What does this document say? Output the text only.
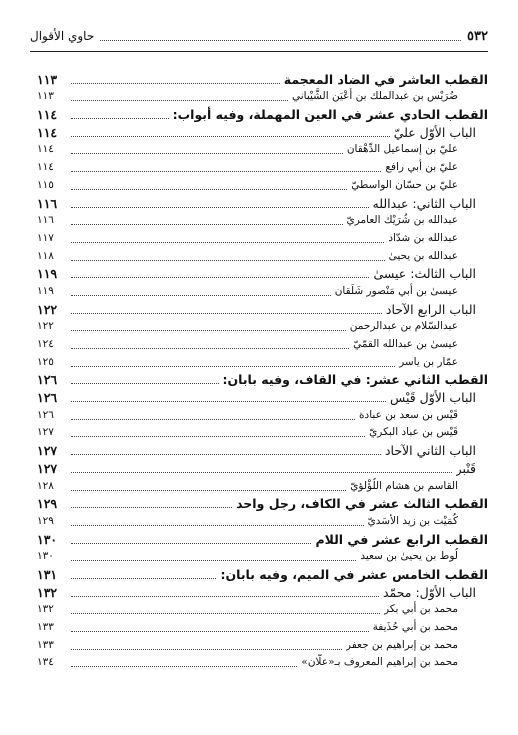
٥٣٢
حاوي الأقوال
القطب العاشر في الضاد المعجمة
١١٣
ضُرَيْس بن عبدالملك بن أَعْيَن الشَّيْباني
١١٣
القطب الحادي عشر في العين المهملة، وفيه أبواب:
١١٤
الباب الأوّل عليّ
١١٤
عليّ بن إسماعيل الدِّهْقان
١١٤
عليّ بن أبي رافع
١١٤
عليّ بن حسّان الواسطيّ
١١٥
الباب الثاني: عبدالله
١١٦
عبدالله بن شُرَيْك العامريّ
١١٦
عبدالله بن شدّاد
١١٧
عبدالله بن يحيىٰ
١١٨
الباب الثالث: عيسىٰ
١١٩
عيسىٰ بن أبي مَنْصور شَلَقان
١١٩
الباب الرابع الآحاد
١٢٢
عبدالسّلام بن عبدالرحمن
١٢٢
عيسىٰ بن عبدالله القمّيّ
١٢٤
عمّار بن ياسر
١٢٥
القطب الثاني عشر: في القاف، وفيه بابان:
١٢٦
الباب الأوّل قَيْس
١٢٦
قَيْس بن سعد بن عبادة
١٢٦
قَيْس بن عباد البكريّ
١٢٧
الباب الثاني الآحاد
١٢٧
قَنْبر
١٢٧
القاسم بن هشام اللُؤْلؤيّ
١٢٨
القطب الثالث عشر في الكاف، رجل واحد
١٢٩
كُمَيْت بن زيد الأسَديّ
١٢٩
القطب الرابع عشر في اللام
١٣٠
لُوط بن يحيىٰ بن سعيد
١٣٠
القطب الخامس عشر في الميم، وفيه بابان:
١٣١
الباب الأوّل: محمّد
١٣٢
محمد بن أبي بكر
١٣٢
محمد بن أبي حُذَيفة
١٣٣
محمد بن إبراهيم بن جعفر
١٣٣
محمد بن إبراهيم المعروف بـ«علّان»
١٣٤
